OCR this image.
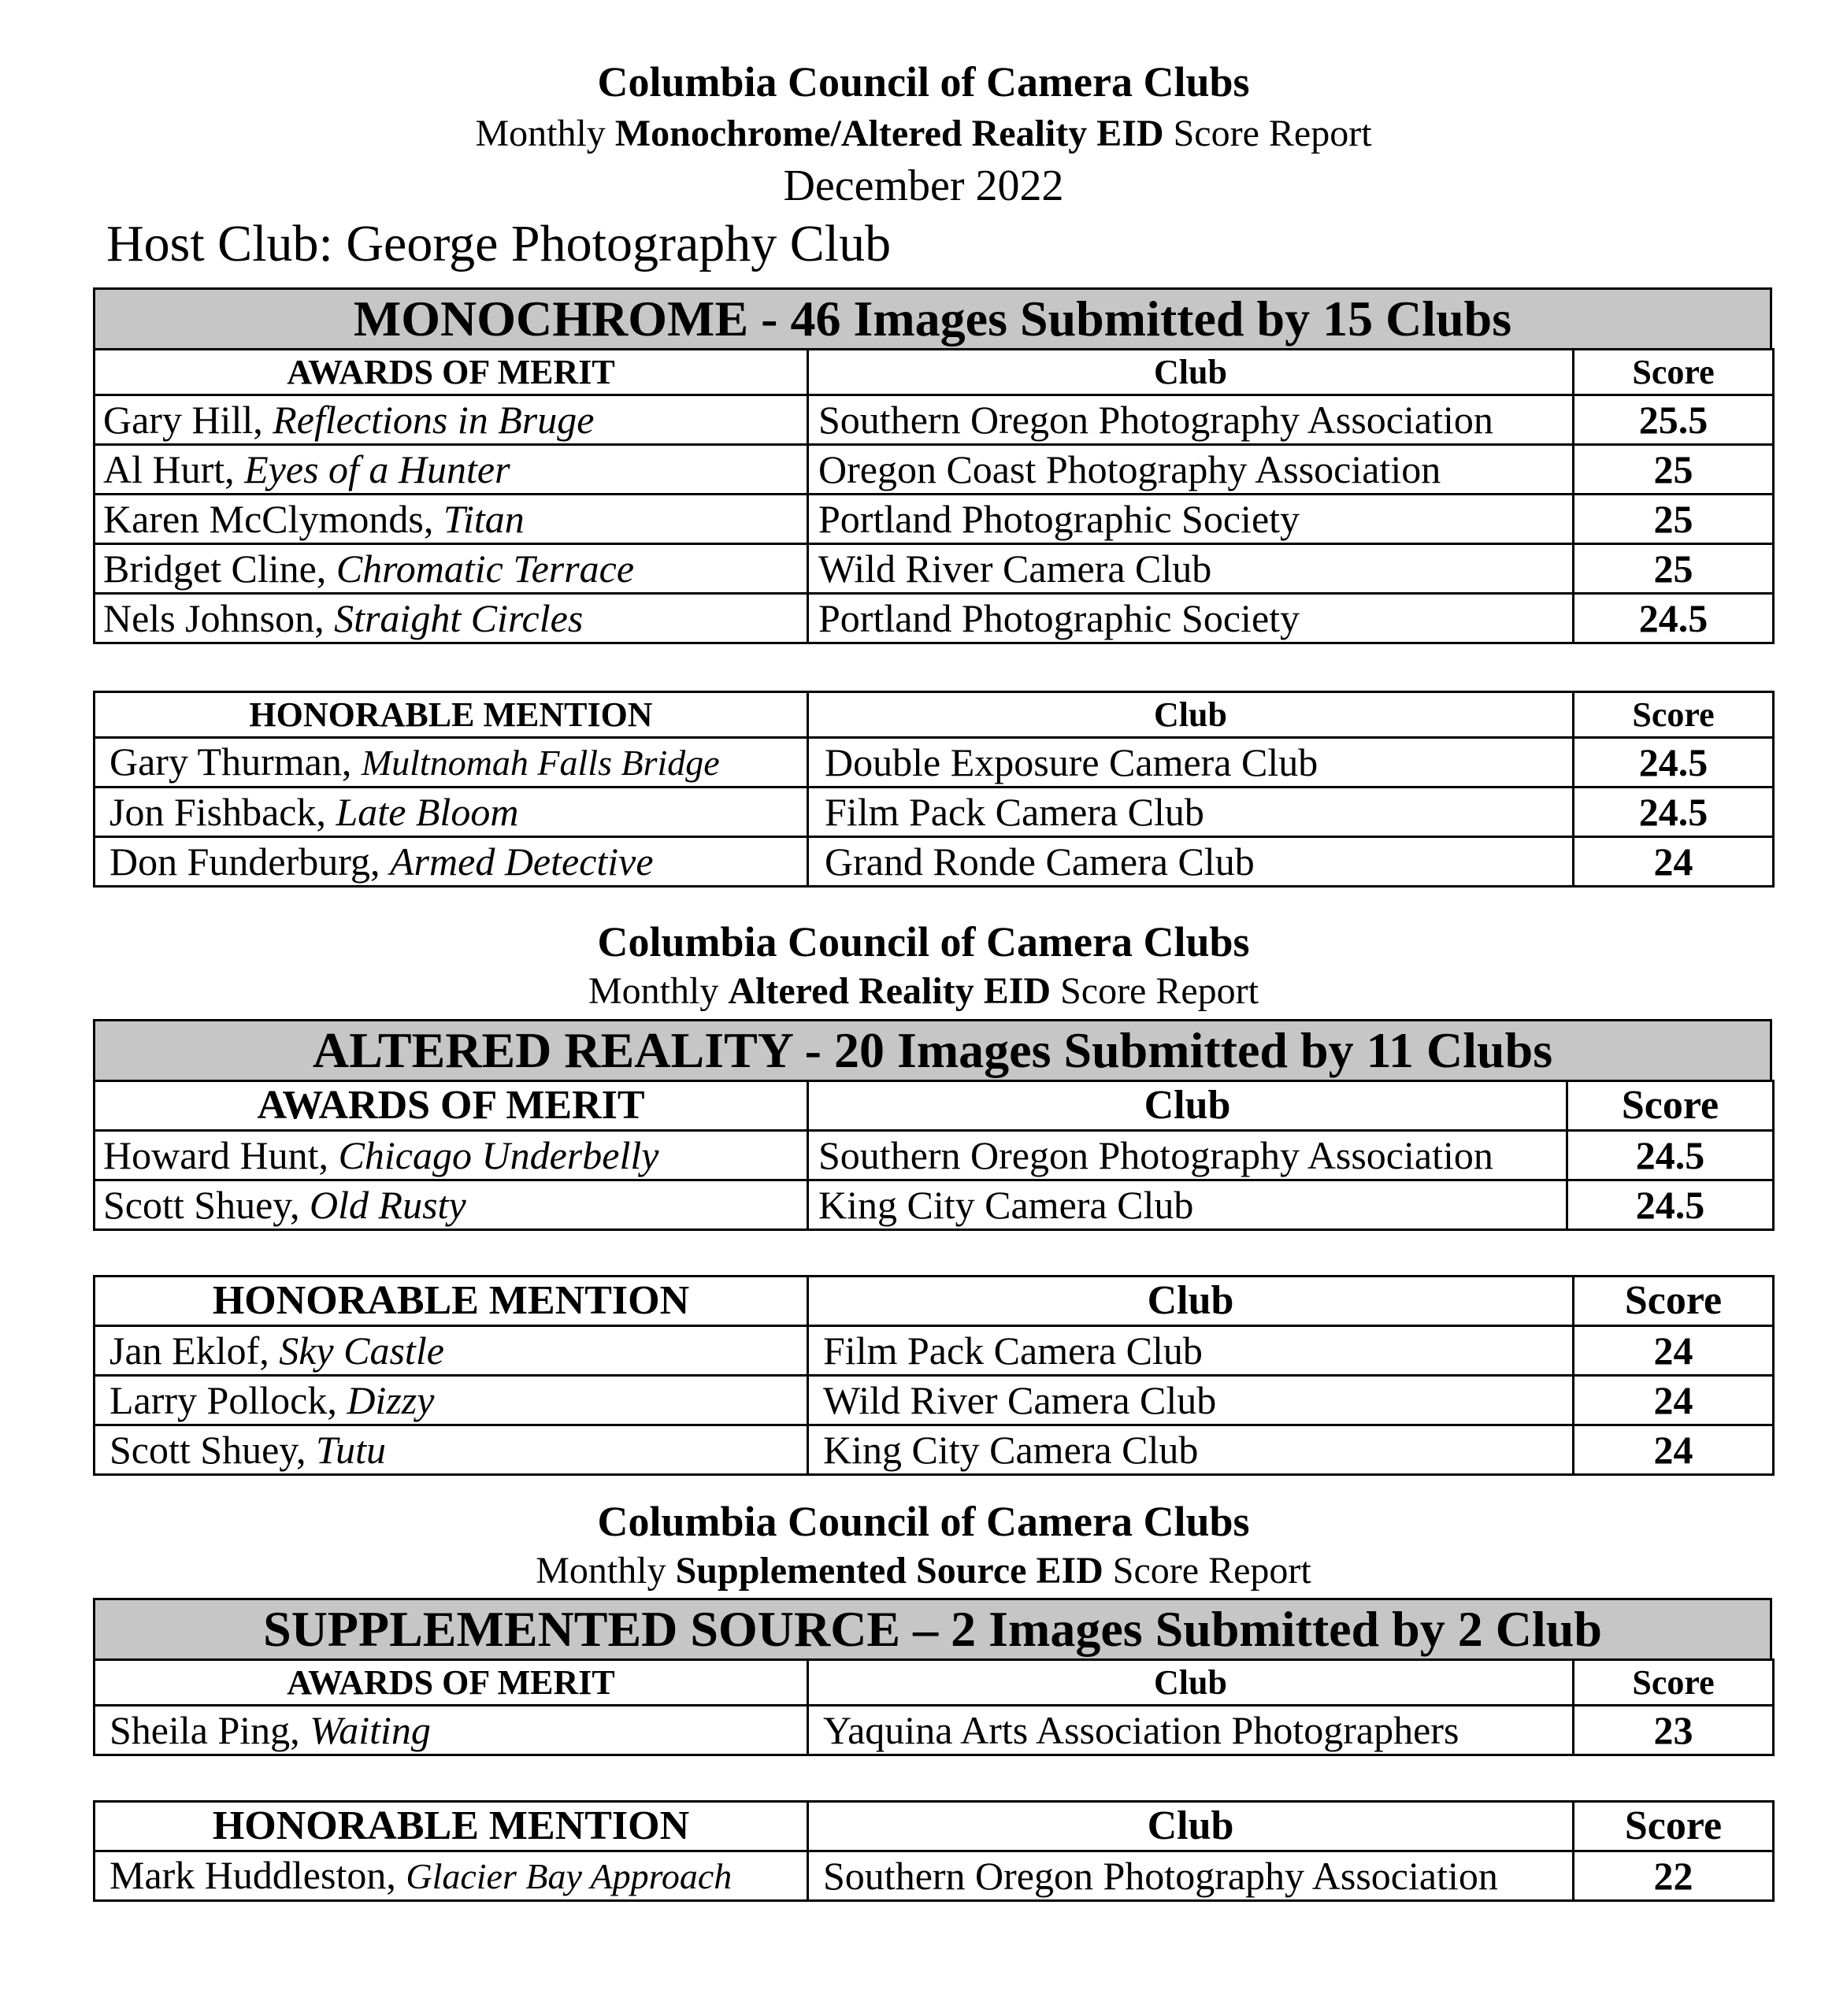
Columbia Council of Camera Clubs
Monthly Monochrome/Altered Reality EID Score Report
December 2022
Host Club: George Photography Club
MONOCHROME - 46 Images Submitted by 15 Clubs
AWARDS OF MERIT	Club	Score
Gary Hill, Reflections in Bruge	Southern Oregon Photography Association	25.5
Al Hurt, Eyes of a Hunter	Oregon Coast Photography Association	25
Karen McClymonds, Titan	Portland Photographic Society	25
Bridget Cline, Chromatic Terrace	Wild River Camera Club	25
Nels Johnson, Straight Circles	Portland Photographic Society	24.5
HONORABLE MENTION	Club	Score
Gary Thurman, Multnomah Falls Bridge	Double Exposure Camera Club	24.5
Jon Fishback, Late Bloom	Film Pack Camera Club	24.5
Don Funderburg, Armed Detective	Grand Ronde Camera Club	24
Columbia Council of Camera Clubs
Monthly Altered Reality EID Score Report
ALTERED REALITY - 20 Images Submitted by 11 Clubs
AWARDS OF MERIT	Club	Score
Howard Hunt, Chicago Underbelly	Southern Oregon Photography Association	24.5
Scott Shuey, Old Rusty	King City Camera Club	24.5
HONORABLE MENTION	Club	Score
Jan Eklof, Sky Castle	Film Pack Camera Club	24
Larry Pollock, Dizzy	Wild River Camera Club	24
Scott Shuey, Tutu	King City Camera Club	24
Columbia Council of Camera Clubs
Monthly Supplemented Source EID Score Report
SUPPLEMENTED SOURCE – 2 Images Submitted by 2 Club
AWARDS OF MERIT	Club	Score
Sheila Ping, Waiting	Yaquina Arts Association Photographers	23
HONORABLE MENTION	Club	Score
Mark Huddleston, Glacier Bay Approach	Southern Oregon Photography Association	22
